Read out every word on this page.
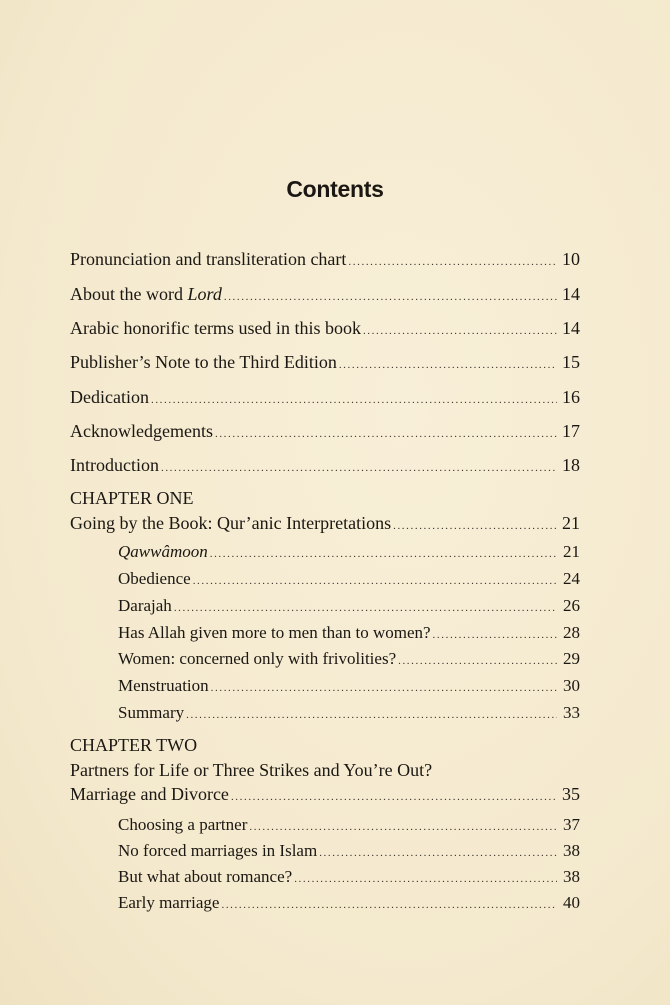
Contents
Pronunciation and transliteration chart .....	10
About the word Lord .....	14
Arabic honorific terms used in this book .....	14
Publisher’s Note to the Third Edition .....	15
Dedication .....	16
Acknowledgements .....	17
Introduction .....	18
CHAPTER ONE
Going by the Book: Qur’anic Interpretations .....	21
Qawwâmoon .....	21
Obedience .....	24
Darajah .....	26
Has Allah given more to men than to women? .....	28
Women: concerned only with frivolities? .....	29
Menstruation .....	30
Summary .....	33
CHAPTER TWO
Partners for Life or Three Strikes and You’re Out?
Marriage and Divorce .....	35
Choosing a partner .....	37
No forced marriages in Islam .....	38
But what about romance? .....	38
Early marriage .....	40
